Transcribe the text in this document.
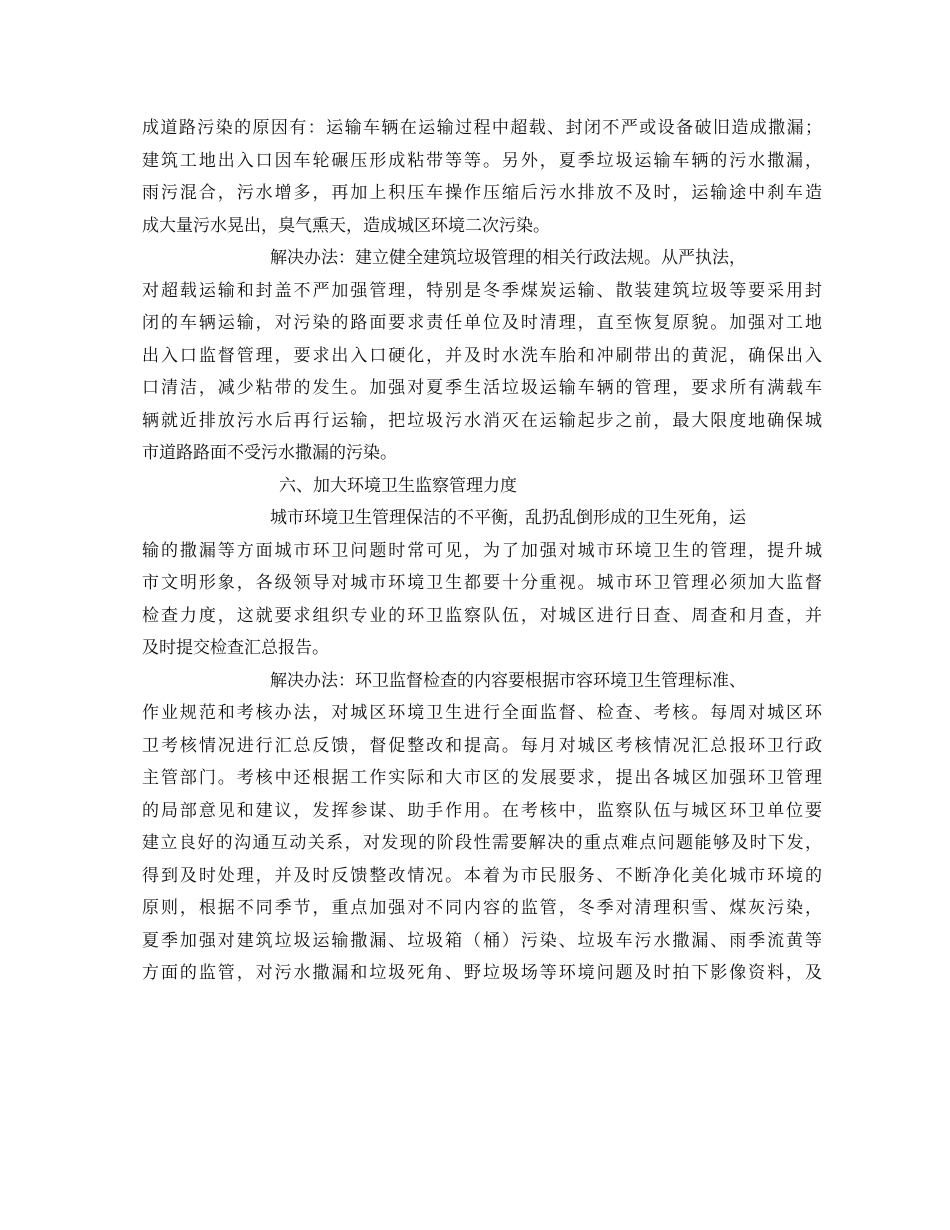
成道路污染的原因有：运输车辆在运输过程中超载、封闭不严或设备破旧造成撒漏；
建筑工地出入口因车轮碾压形成粘带等等。另外，夏季垃圾运输车辆的污水撒漏，
雨污混合，污水增多，再加上积压车操作压缩后污水排放不及时，运输途中刹车造
成大量污水晃出，臭气熏天，造成城区环境二次污染。
解决办法：建立健全建筑垃圾管理的相关行政法规。从严执法，
对超载运输和封盖不严加强管理，特别是冬季煤炭运输、散装建筑垃圾等要采用封
闭的车辆运输，对污染的路面要求责任单位及时清理，直至恢复原貌。加强对工地
出入口监督管理，要求出入口硬化，并及时水洗车胎和冲刷带出的黄泥，确保出入
口清洁，减少粘带的发生。加强对夏季生活垃圾运输车辆的管理，要求所有满载车
辆就近排放污水后再行运输，把垃圾污水消灭在运输起步之前，最大限度地确保城
市道路路面不受污水撒漏的污染。
六、加大环境卫生监察管理力度
城市环境卫生管理保洁的不平衡，乱扔乱倒形成的卫生死角，运
输的撒漏等方面城市环卫问题时常可见，为了加强对城市环境卫生的管理，提升城
市文明形象，各级领导对城市环境卫生都要十分重视。城市环卫管理必须加大监督
检查力度，这就要求组织专业的环卫监察队伍，对城区进行日查、周查和月查，并
及时提交检查汇总报告。
解决办法：环卫监督检查的内容要根据市容环境卫生管理标准、
作业规范和考核办法，对城区环境卫生进行全面监督、检查、考核。每周对城区环
卫考核情况进行汇总反馈，督促整改和提高。每月对城区考核情况汇总报环卫行政
主管部门。考核中还根据工作实际和大市区的发展要求，提出各城区加强环卫管理
的局部意见和建议，发挥参谋、助手作用。在考核中，监察队伍与城区环卫单位要
建立良好的沟通互动关系，对发现的阶段性需要解决的重点难点问题能够及时下发，
得到及时处理，并及时反馈整改情况。本着为市民服务、不断净化美化城市环境的
原则，根据不同季节，重点加强对不同内容的监管，冬季对清理积雪、煤灰污染，
夏季加强对建筑垃圾运输撒漏、垃圾箱（桶）污染、垃圾车污水撒漏、雨季流黄等
方面的监管，对污水撒漏和垃圾死角、野垃圾场等环境问题及时拍下影像资料，及
